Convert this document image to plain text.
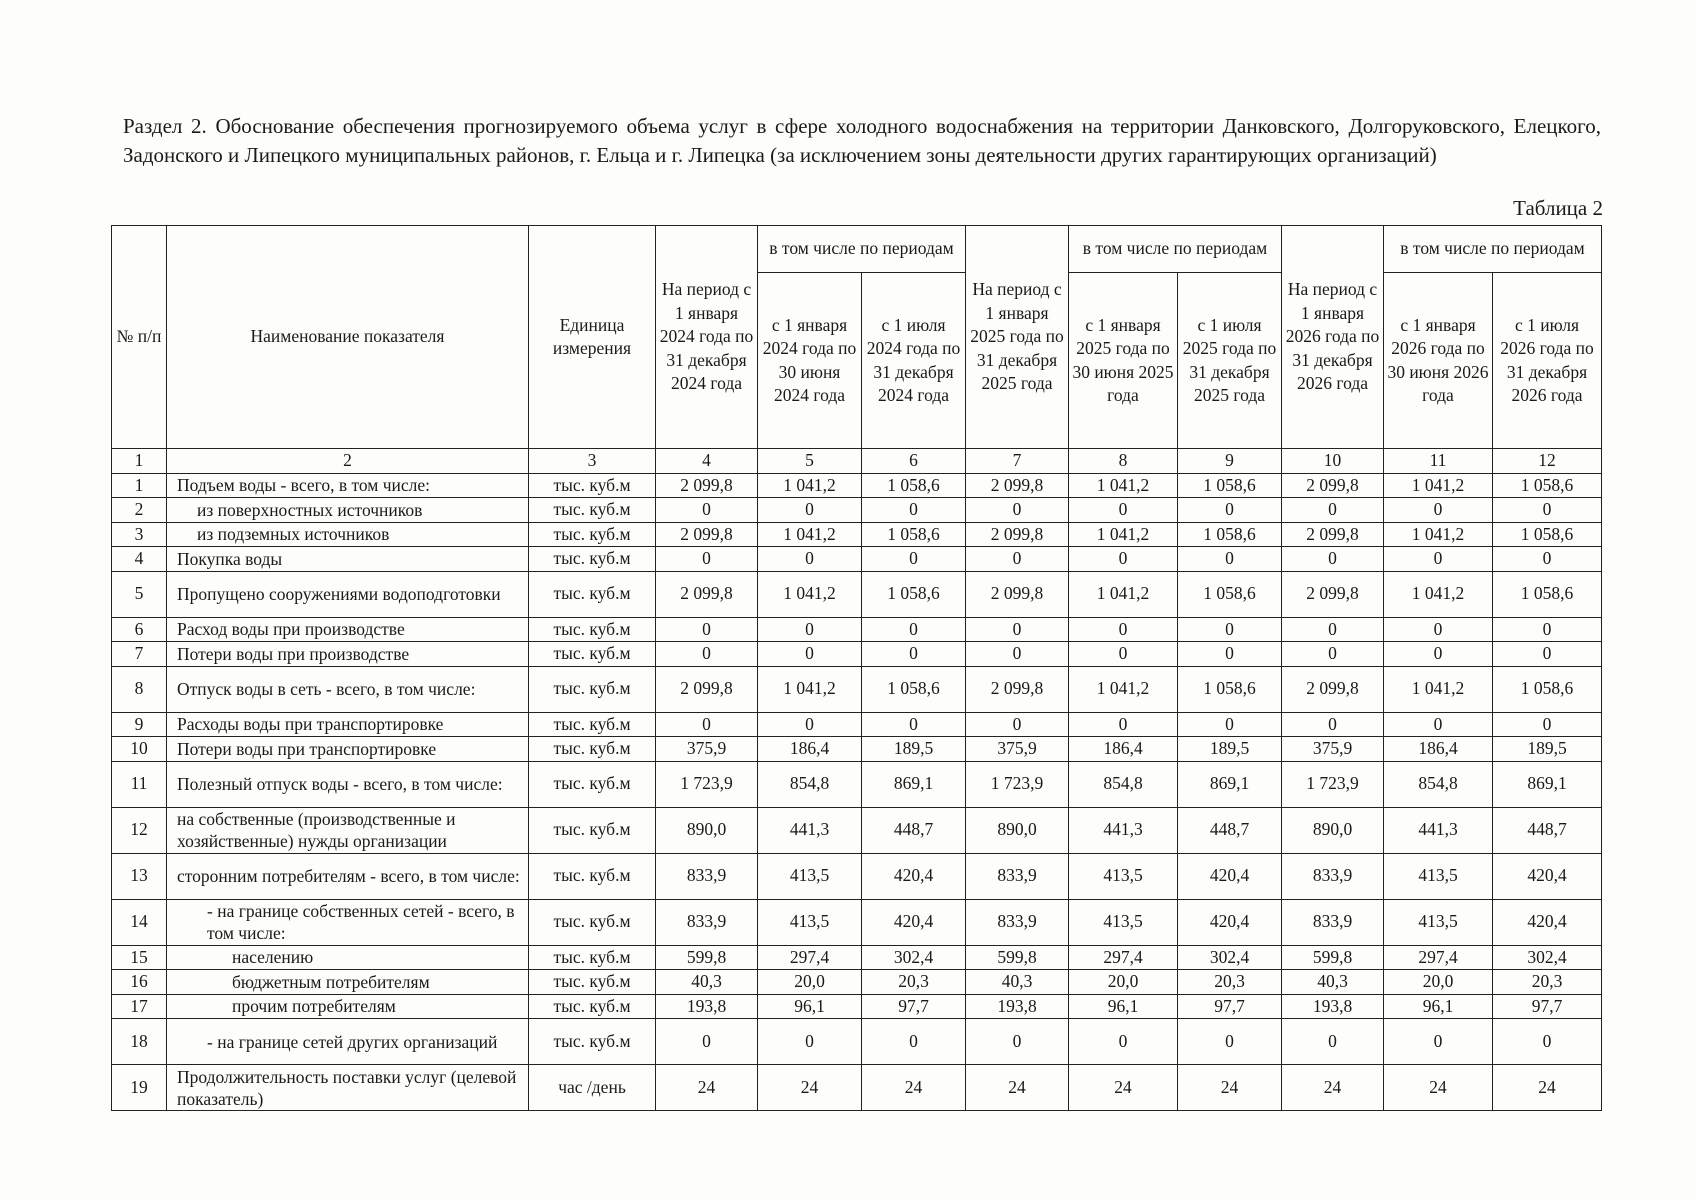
Раздел 2. Обоснование обеспечения прогнозируемого объема услуг в сфере холодного водоснабжения на территории Данковского, Долгоруковского, Елецкого, Задонского и Липецкого муниципальных районов, г. Ельца и г. Липецка (за исключением зоны деятельности других гарантирующих организаций)
Таблица 2
№ п/п	Наименование показателя	Единица измерения	На период с 1 января 2024 года по 31 декабря 2024 года	в том числе по периодам		На период с 1 января 2025 года по 31 декабря 2025 года	в том числе по периодам		На период с 1 января 2026 года по 31 декабря 2026 года	в том числе по периодам	
				с 1 января 2024 года по 30 июня 2024 года	с 1 июля 2024 года по 31 декабря 2024 года		с 1 января 2025 года по 30 июня 2025 года	с 1 июля 2025 года по 31 декабря 2025 года		с 1 января 2026 года по 30 июня 2026 года	с 1 июля 2026 года по 31 декабря 2026 года
1	2	3	4	5	6	7	8	9	10	11	12
1	Подъем воды - всего, в том числе:	тыс. куб.м	2 099,8	1 041,2	1 058,6	2 099,8	1 041,2	1 058,6	2 099,8	1 041,2	1 058,6
2	из поверхностных источников	тыс. куб.м	0	0	0	0	0	0	0	0	0
3	из подземных источников	тыс. куб.м	2 099,8	1 041,2	1 058,6	2 099,8	1 041,2	1 058,6	2 099,8	1 041,2	1 058,6
4	Покупка воды	тыс. куб.м	0	0	0	0	0	0	0	0	0
5	Пропущено сооружениями водоподготовки	тыс. куб.м	2 099,8	1 041,2	1 058,6	2 099,8	1 041,2	1 058,6	2 099,8	1 041,2	1 058,6
6	Расход воды при производстве	тыс. куб.м	0	0	0	0	0	0	0	0	0
7	Потери воды при производстве	тыс. куб.м	0	0	0	0	0	0	0	0	0
8	Отпуск воды в сеть - всего, в том числе:	тыс. куб.м	2 099,8	1 041,2	1 058,6	2 099,8	1 041,2	1 058,6	2 099,8	1 041,2	1 058,6
9	Расходы воды при транспортировке	тыс. куб.м	0	0	0	0	0	0	0	0	0
10	Потери воды при транспортировке	тыс. куб.м	375,9	186,4	189,5	375,9	186,4	189,5	375,9	186,4	189,5
11	Полезный отпуск воды - всего, в том числе:	тыс. куб.м	1 723,9	854,8	869,1	1 723,9	854,8	869,1	1 723,9	854,8	869,1
12	на собственные (производственные и хозяйственные) нужды организации	тыс. куб.м	890,0	441,3	448,7	890,0	441,3	448,7	890,0	441,3	448,7
13	сторонним потребителям - всего, в том числе:	тыс. куб.м	833,9	413,5	420,4	833,9	413,5	420,4	833,9	413,5	420,4
14	- на границе собственных сетей - всего, в том числе:	тыс. куб.м	833,9	413,5	420,4	833,9	413,5	420,4	833,9	413,5	420,4
15	населению	тыс. куб.м	599,8	297,4	302,4	599,8	297,4	302,4	599,8	297,4	302,4
16	бюджетным потребителям	тыс. куб.м	40,3	20,0	20,3	40,3	20,0	20,3	40,3	20,0	20,3
17	прочим потребителям	тыс. куб.м	193,8	96,1	97,7	193,8	96,1	97,7	193,8	96,1	97,7
18	- на границе сетей других организаций	тыс. куб.м	0	0	0	0	0	0	0	0	0
19	Продолжительность поставки услуг (целевой показатель)	час /день	24	24	24	24	24	24	24	24	24
